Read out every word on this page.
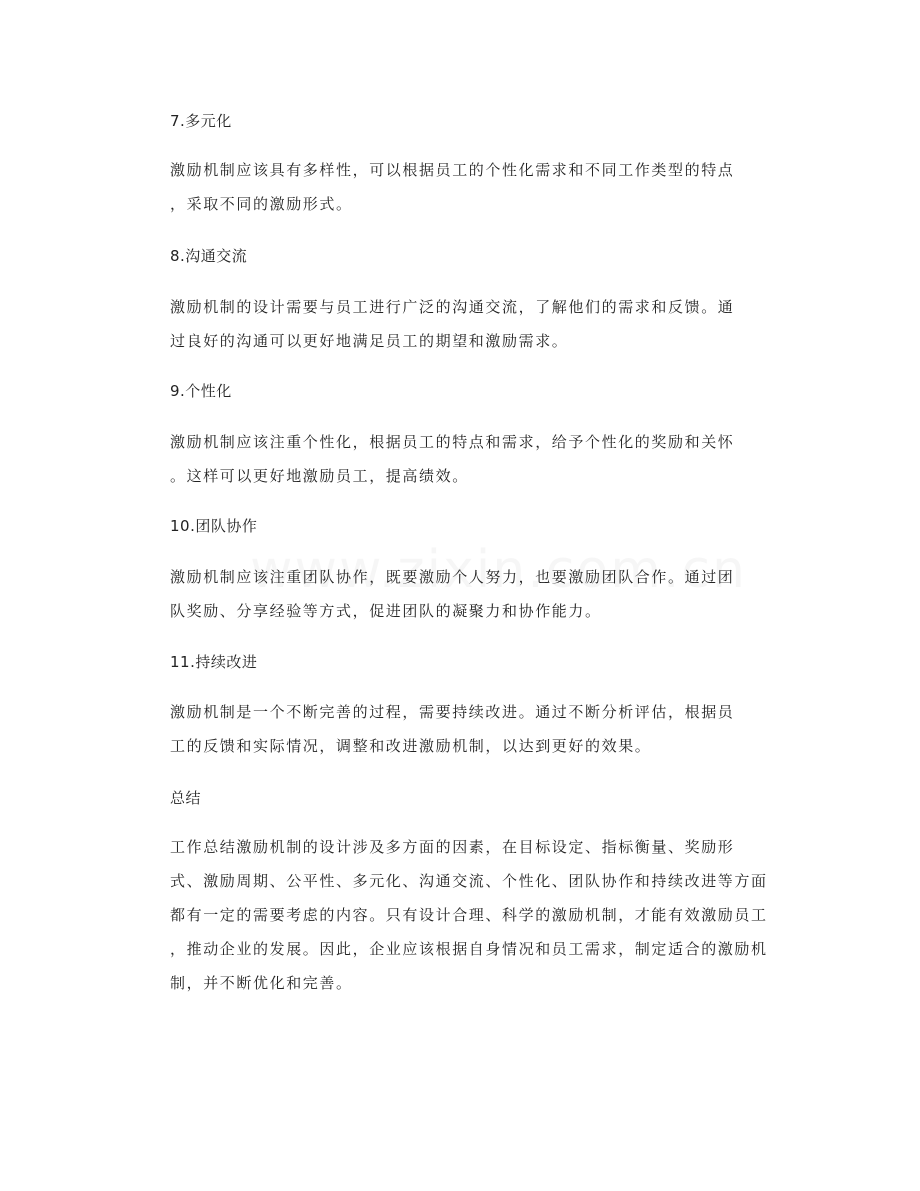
7.多元化
激励机制应该具有多样性，可以根据员工的个性化需求和不同工作类型的特点
，采取不同的激励形式。
8.沟通交流
激励机制的设计需要与员工进行广泛的沟通交流，了解他们的需求和反馈。通
过良好的沟通可以更好地满足员工的期望和激励需求。
9.个性化
激励机制应该注重个性化，根据员工的特点和需求，给予个性化的奖励和关怀
。这样可以更好地激励员工，提高绩效。
10.团队协作
激励机制应该注重团队协作，既要激励个人努力，也要激励团队合作。通过团
队奖励、分享经验等方式，促进团队的凝聚力和协作能力。
11.持续改进
激励机制是一个不断完善的过程，需要持续改进。通过不断分析评估，根据员
工的反馈和实际情况，调整和改进激励机制，以达到更好的效果。
总结
工作总结激励机制的设计涉及多方面的因素，在目标设定、指标衡量、奖励形
式、激励周期、公平性、多元化、沟通交流、个性化、团队协作和持续改进等方面
都有一定的需要考虑的内容。只有设计合理、科学的激励机制，才能有效激励员工
，推动企业的发展。因此，企业应该根据自身情况和员工需求，制定适合的激励机
制，并不断优化和完善。
